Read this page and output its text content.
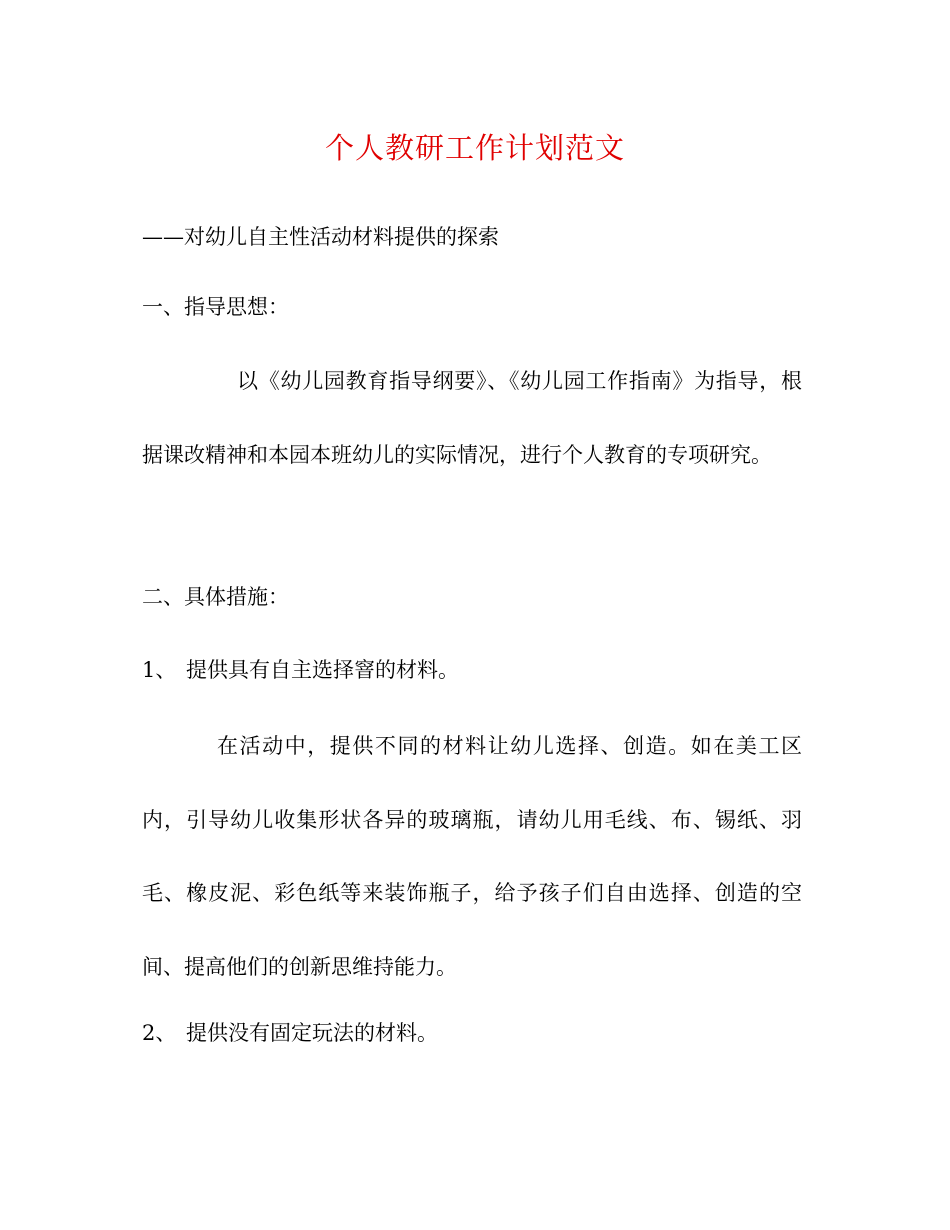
个人教研工作计划范文
——对幼儿自主性活动材料提供的探索
一、指导思想：
以《幼儿园教育指导纲要》、《幼儿园工作指南》为指导，根据课改精神和本园本班幼儿的实际情况，进行个人教育的专项研究。
二、具体措施：
1、 提供具有自主选择窨的材料。
在活动中，提供不同的材料让幼儿选择、创造。如在美工区内，引导幼儿收集形状各异的玻璃瓶，请幼儿用毛线、布、锡纸、羽毛、橡皮泥、彩色纸等来装饰瓶子，给予孩子们自由选择、创造的空间、提高他们的创新思维持能力。
2、 提供没有固定玩法的材料。
